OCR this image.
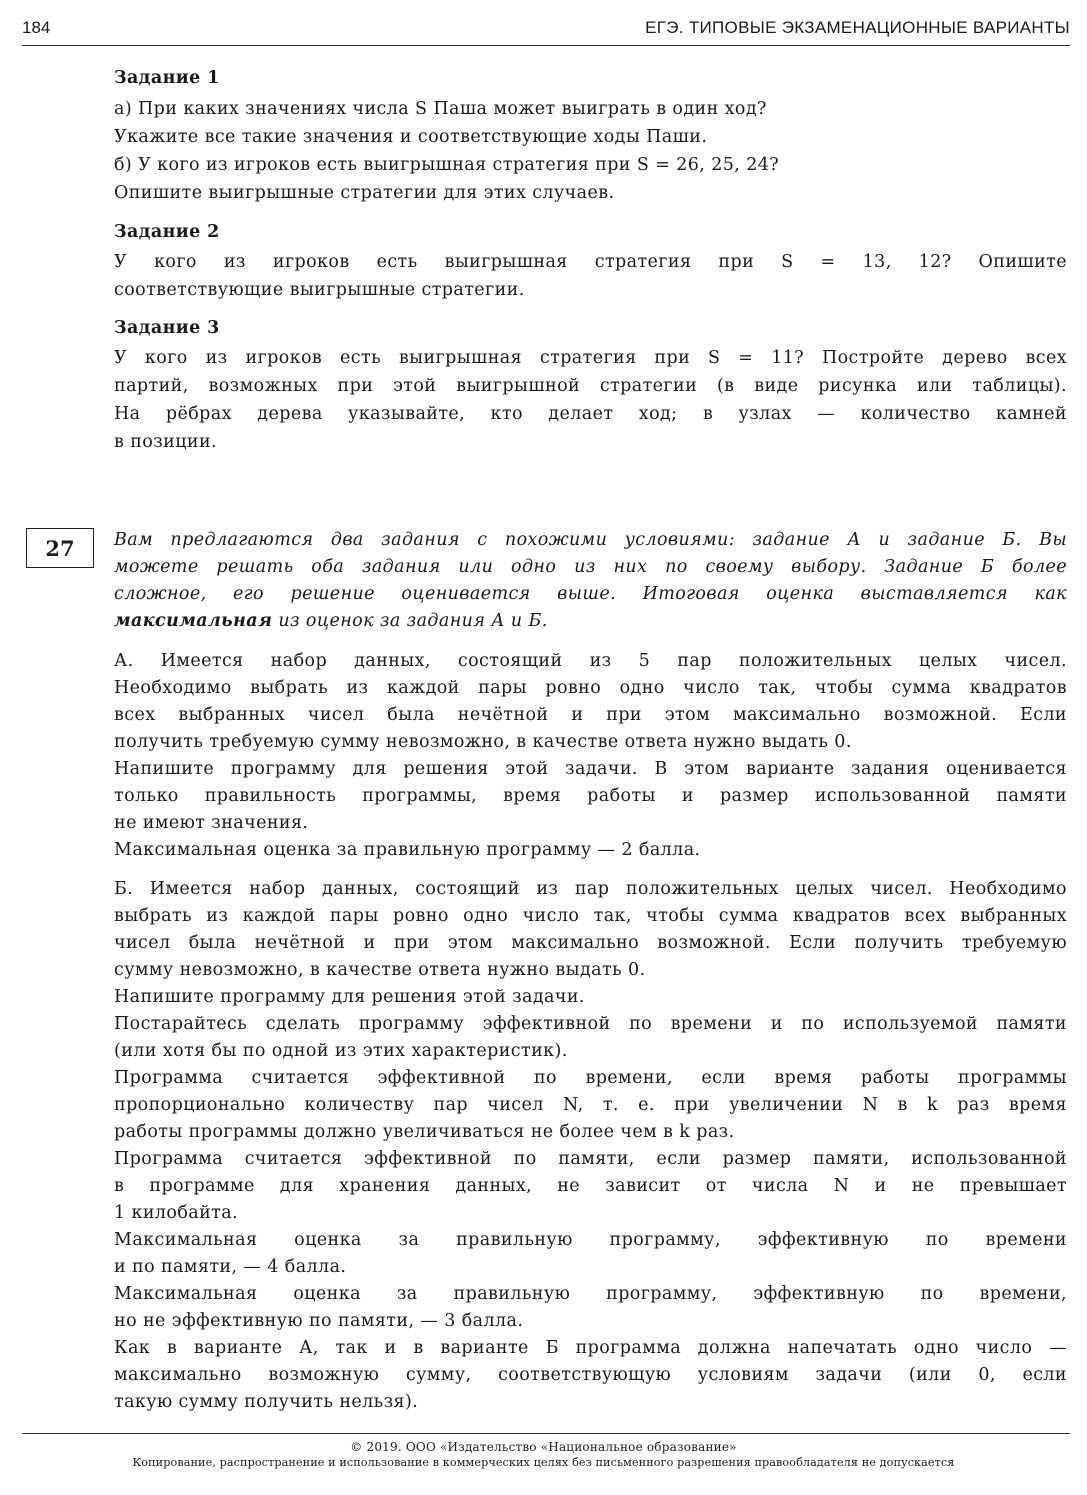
184	ЕГЭ. ТИПОВЫЕ ЭКЗАМЕНАЦИОННЫЕ ВАРИАНТЫ
Задание 1
а) При каких значениях числа S Паша может выиграть в один ход?
Укажите все такие значения и соответствующие ходы Паши.
б) У кого из игроков есть выигрышная стратегия при S = 26, 25, 24?
Опишите выигрышные стратегии для этих случаев.
Задание 2
У кого из игроков есть выигрышная стратегия при S = 13, 12? Опишите
соответствующие выигрышные стратегии.
Задание 3
У кого из игроков есть выигрышная стратегия при S = 11? Постройте дерево всех
партий, возможных при этой выигрышной стратегии (в виде рисунка или таблицы).
На рёбрах дерева указывайте, кто делает ход; в узлах — количество камней
в позиции.
27 Вам предлагаются два задания с похожими условиями: задание А и задание Б. Вы
можете решать оба задания или одно из них по своему выбору. Задание Б более
сложное, его решение оценивается выше. Итоговая оценка выставляется как
максимальная из оценок за задания А и Б.
А. Имеется набор данных, состоящий из 5 пар положительных целых чисел.
Необходимо выбрать из каждой пары ровно одно число так, чтобы сумма квадратов
всех выбранных чисел была нечётной и при этом максимально возможной. Если
получить требуемую сумму невозможно, в качестве ответа нужно выдать 0.
Напишите программу для решения этой задачи. В этом варианте задания оценивается
только правильность программы, время работы и размер использованной памяти
не имеют значения.
Максимальная оценка за правильную программу — 2 балла.
Б. Имеется набор данных, состоящий из пар положительных целых чисел. Необходимо
выбрать из каждой пары ровно одно число так, чтобы сумма квадратов всех выбранных
чисел была нечётной и при этом максимально возможной. Если получить требуемую
сумму невозможно, в качестве ответа нужно выдать 0.
Напишите программу для решения этой задачи.
Постарайтесь сделать программу эффективной по времени и по используемой памяти
(или хотя бы по одной из этих характеристик).
Программа считается эффективной по времени, если время работы программы
пропорционально количеству пар чисел N, т. е. при увеличении N в k раз время
работы программы должно увеличиваться не более чем в k раз.
Программа считается эффективной по памяти, если размер памяти, использованной
в программе для хранения данных, не зависит от числа N и не превышает
1 килобайта.
Максимальная оценка за правильную программу, эффективную по времени
и по памяти, — 4 балла.
Максимальная оценка за правильную программу, эффективную по времени,
но не эффективную по памяти, — 3 балла.
Как в варианте А, так и в варианте Б программа должна напечатать одно число —
максимально возможную сумму, соответствующую условиям задачи (или 0, если
такую сумму получить нельзя).
© 2019. ООО «Издательство «Национальное образование»
Копирование, распространение и использование в коммерческих целях без письменного разрешения правообладателя не допускается
